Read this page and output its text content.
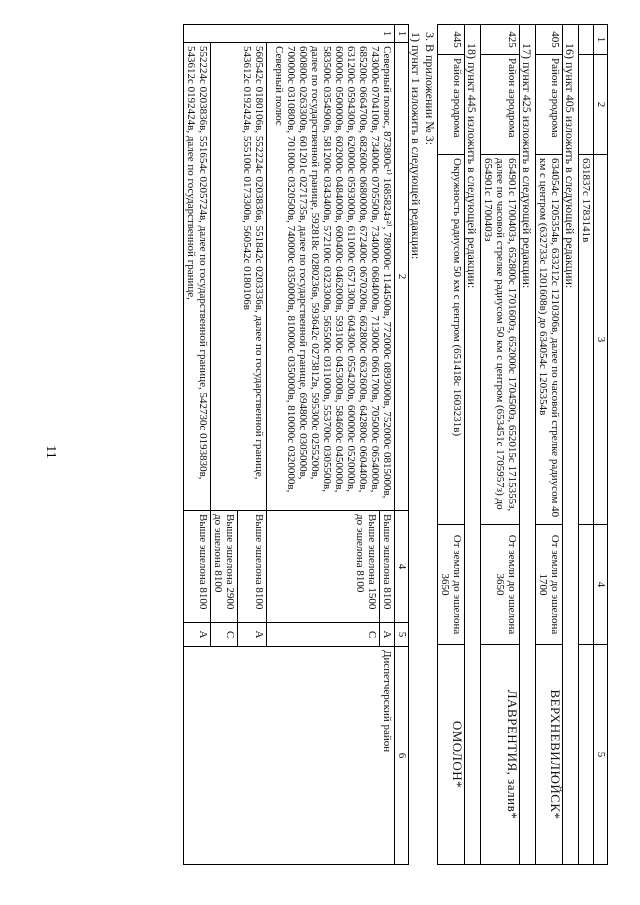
11
1	2	3	4	5
		631837с 1783141в		
16) пункт 405 изложить в следующей редакции:				
405	Район аэродрома	634054с 1205354в, 633212с 1210306в, далее по часовой стрелке радиусом 40 км с центром (632733с 1201608в) до 634054с 1205354в	От земли до эшелона 1700	ВЕРХНЕВИЛЮЙСК*
17) пункт 425 изложить в следующей редакции:				
425	Район аэродрома	654901с 1700403з, 652800с 1701600з, 652000с 1704500з, 652015с 1715355з, далее по часовой стрелке радиусом 50 км с центром (653451с 1705957з) до 654901с 1700403з	От земли до эшелона 3650	ЛАВРЕНТИЯ, залив*
18) пункт 445 изложить в следующей редакции:				
445	Район аэродрома	Окружность радиусом 50 км с центром (651418с 1603231в)	От земли до эшелона 3650	ОМОЛОН*
3. В приложении № 3:
1) пункт 1 изложить в следующей редакции:
1	2	4	5	6
1	Северный полюс, 873800с¹⁾ 1685824з²⁾, 780000с 1144500в, 772000с 0893000в, 752000с 0815000в, 743000с 0704100в, 734000с 0705500в, 734000с 0684000в, 713000с 0661700в, 705000с 0654000в, 685200с 0664700в, 682600с 0680000в, 672400с 0670200в, 662800с 0632600в, 642800с 0604400в, 631200с 0594300в, 620000с 0593000в, 611000с 0571300в, 604300с 0554200в, 600000с 0520000в, 600000с 0500000в, 602000с 0484000в, 600400с 0462000в, 593100с 0453000в, 584600с 0450000в, 583500с 0354900в, 581200с 0343400в, 572100с 0323300в, 565500с 0311000в, 553700с 0305500в, далее по государственной границе, 592818с 0280236в, 593642с 0273812в, 595300с 0255200в, 600800с 0263300в, 601201с 0271735в, далее по государственной границе, 694800с 0305000в, 700000с 0310800в, 701000с 0320500в, 740000с 0350000в, 810000с 0350000в, 810000с 0320000в, Северный полюс	Выше эшелона 8100	А	Диспетчерский район
		Выше эшелона 1500 до эшелона 8100	С	
	560542с 0180106в, 552224с 0203836в, 551842с 0203336в, далее по государственной границе, 543612с 0192424в, 555100с 0173300в, 560542с 0180106в	Выше эшелона 8100	А	
		Выше эшелона 2900 до эшелона 8100	С	
	552224с 0203836в, 551654с 0205724в, далее по государственной границе, 542730с 0193830в, 543612с 0192424в, далее по государственной границе,	Выше эшелона 8100	А	
